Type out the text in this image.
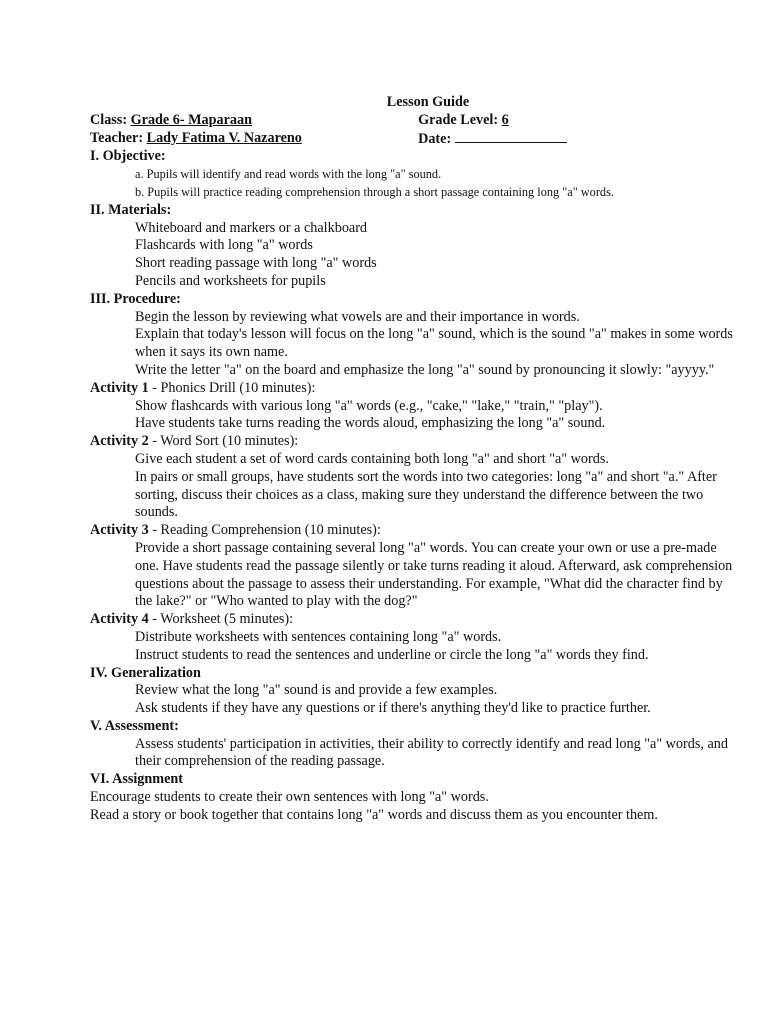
Lesson Guide
Class: Grade 6- Maparaan	Grade Level: 6
Teacher: Lady Fatima V. Nazareno	Date:
I. Objective:
a. Pupils will identify and read words with the long "a" sound.
b. Pupils will practice reading comprehension through a short passage containing long "a" words.
II. Materials:
Whiteboard and markers or a chalkboard
Flashcards with long "a" words
Short reading passage with long "a" words
Pencils and worksheets for pupils
III. Procedure:
Begin the lesson by reviewing what vowels are and their importance in words.
Explain that today's lesson will focus on the long "a" sound, which is the sound "a" makes in some words when it says its own name.
Write the letter "a" on the board and emphasize the long "a" sound by pronouncing it slowly: "ayyyy."
Activity 1 - Phonics Drill (10 minutes):
Show flashcards with various long "a" words (e.g., "cake," "lake," "train," "play").
Have students take turns reading the words aloud, emphasizing the long "a" sound.
Activity 2 - Word Sort (10 minutes):
Give each student a set of word cards containing both long "a" and short "a" words.
In pairs or small groups, have students sort the words into two categories: long "a" and short "a." After sorting, discuss their choices as a class, making sure they understand the difference between the two sounds.
Activity 3 - Reading Comprehension (10 minutes):
Provide a short passage containing several long "a" words. You can create your own or use a pre-made one. Have students read the passage silently or take turns reading it aloud. Afterward, ask comprehension questions about the passage to assess their understanding. For example, "What did the character find by the lake?" or "Who wanted to play with the dog?"
Activity 4 - Worksheet (5 minutes):
Distribute worksheets with sentences containing long "a" words.
Instruct students to read the sentences and underline or circle the long "a" words they find.
IV. Generalization
Review what the long "a" sound is and provide a few examples.
Ask students if they have any questions or if there's anything they'd like to practice further.
V. Assessment:
Assess students' participation in activities, their ability to correctly identify and read long "a" words, and their comprehension of the reading passage.
VI. Assignment
Encourage students to create their own sentences with long "a" words.
Read a story or book together that contains long "a" words and discuss them as you encounter them.
